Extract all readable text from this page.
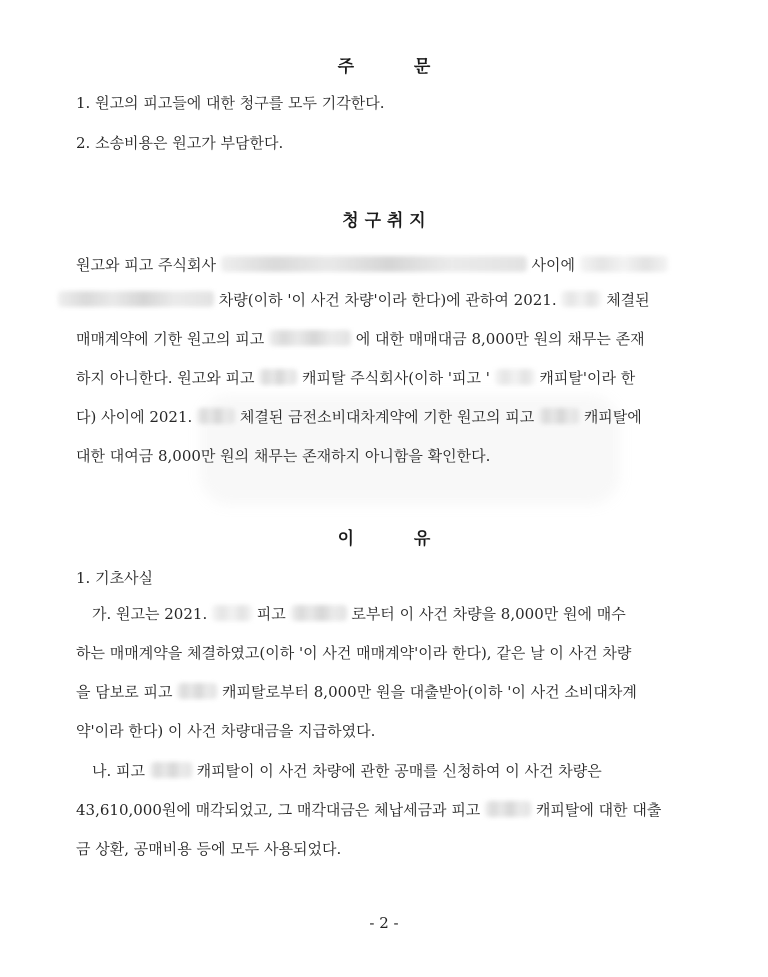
주	문
1. 원고의 피고들에 대한 청구를 모두 기각한다.
2. 소송비용은 원고가 부담한다.
청 구 취 지
원고와 피고 주식회사	사이에
차량(이하 '이 사건 차량'이라 한다)에 관하여 2021.	체결된
매매계약에 기한 원고의 피고	에 대한 매매대금 8,000만 원의 채무는 존재
하지 아니한다. 원고와 피고	캐피탈 주식회사(이하 '피고 '	캐피탈'이라 한
다) 사이에 2021.	체결된 금전소비대차계약에 기한 원고의 피고	캐피탈에
대한 대여금 8,000만 원의 채무는 존재하지 아니함을 확인한다.
이	유
1. 기초사실
가. 원고는 2021.	피고	로부터 이 사건 차량을 8,000만 원에 매수
하는 매매계약을 체결하였고(이하 '이 사건 매매계약'이라 한다), 같은 날 이 사건 차량
을 담보로 피고	캐피탈로부터 8,000만 원을 대출받아(이하 '이 사건 소비대차계
약'이라 한다) 이 사건 차량대금을 지급하였다.
나. 피고	캐피탈이 이 사건 차량에 관한 공매를 신청하여 이 사건 차량은
43,610,000원에 매각되었고, 그 매각대금은 체납세금과 피고	캐피탈에 대한 대출
금 상환, 공매비용 등에 모두 사용되었다.
- 2 -
